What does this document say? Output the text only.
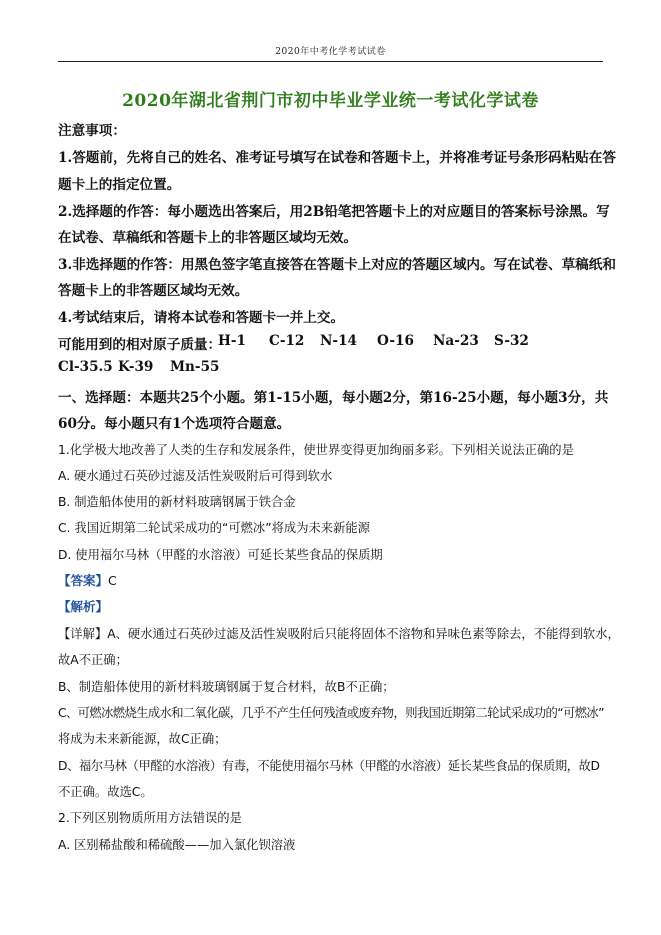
2020年中考化学考试试卷
2020年湖北省荆门市初中毕业学业统一考试化学试卷

注意事项：

1.答题前，先将自己的姓名、准考证号填写在试卷和答题卡上，并将准考证号条形码粘贴在答

题卡上的指定位置。

2.选择题的作答：每小题选出答案后，用2B铅笔把答题卡上的对应题目的答案标号涂黑。写

在试卷、草稿纸和答题卡上的非答题区域均无效。

3.非选择题的作答：用黑色签字笔直接答在答题卡上对应的答题区域内。写在试卷、草稿纸和

答题卡上的非答题区域均无效。

4.考试结束后，请将本试卷和答题卡一并上交。

可能用到的相对原子质量：
H-1 C-12 N-14 O-16 Na-23 S-32
Cl-35.5 K-39 Mn-55

一、选择题：本题共25个小题。第1-15小题，每小题2分，第16-25小题，每小题3分，共

60分。每小题只有1个选项符合题意。

1.化学极大地改善了人类的生存和发展条件，使世界变得更加绚丽多彩。下列相关说法正确的是

A. 硬水通过石英砂过滤及活性炭吸附后可得到软水

B. 制造船体使用的新材料玻璃钢属于铁合金

C. 我国近期第二轮试采成功的“可燃冰”将成为未来新能源

D. 使用福尔马林（甲醛的水溶液）可延长某些食品的保质期

【答案】C
【解析】

【详解】A、硬水通过石英砂过滤及活性炭吸附后只能将固体不溶物和异味色素等除去，不能得到软水，

故A不正确；

B、制造船体使用的新材料玻璃钢属于复合材料，故B不正确；

C、可燃冰燃烧生成水和二氧化碳，几乎不产生任何残渣或废弃物，则我国近期第二轮试采成功的“可燃冰”

将成为未来新能源，故C正确；

D、福尔马林（甲醛的水溶液）有毒，不能使用福尔马林（甲醛的水溶液）延长某些食品的保质期，故D

不正确。故选C。

2.下列区别物质所用方法错误的是

A. 区别稀盐酸和稀硫酸——加入氯化钡溶液
